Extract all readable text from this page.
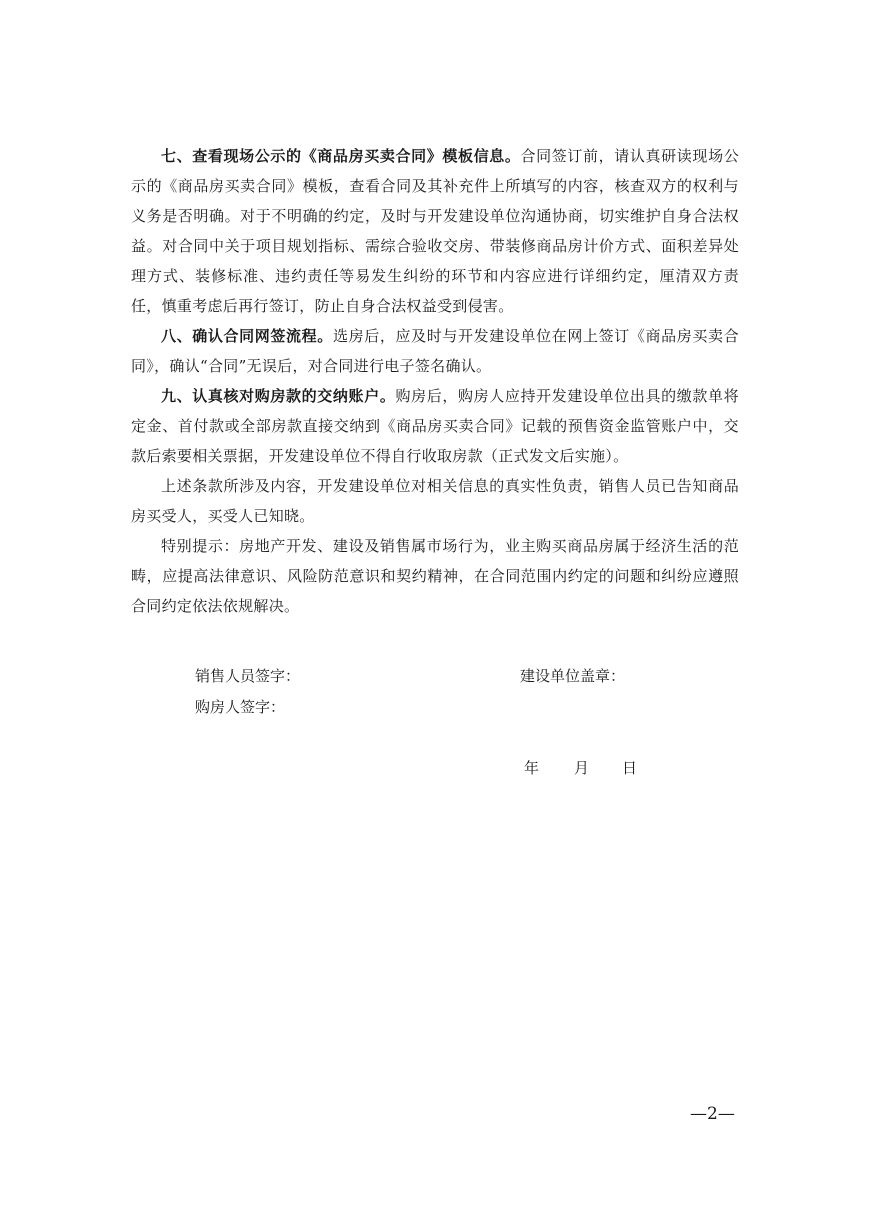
七、查看现场公示的《商品房买卖合同》模板信息。合同签订前，请认真研读现场公示的《商品房买卖合同》模板，查看合同及其补充件上所填写的内容，核查双方的权利与义务是否明确。对于不明确的约定，及时与开发建设单位沟通协商，切实维护自身合法权益。对合同中关于项目规划指标、需综合验收交房、带装修商品房计价方式、面积差异处理方式、装修标准、违约责任等易发生纠纷的环节和内容应进行详细约定，厘清双方责任，慎重考虑后再行签订，防止自身合法权益受到侵害。

八、确认合同网签流程。选房后，应及时与开发建设单位在网上签订《商品房买卖合同》，确认“合同”无误后，对合同进行电子签名确认。

九、认真核对购房款的交纳账户。购房后，购房人应持开发建设单位出具的缴款单将定金、首付款或全部房款直接交纳到《商品房买卖合同》记载的预售资金监管账户中，交款后索要相关票据，开发建设单位不得自行收取房款（正式发文后实施）。

上述条款所涉及内容，开发建设单位对相关信息的真实性负责，销售人员已告知商品房买受人，买受人已知晓。

特别提示：房地产开发、建设及销售属市场行为，业主购买商品房属于经济生活的范畴，应提高法律意识、风险防范意识和契约精神，在合同范围内约定的问题和纠纷应遵照合同约定依法依规解决。

销售人员签字：	建设单位盖章：
购房人签字：
年 月 日
—2—
